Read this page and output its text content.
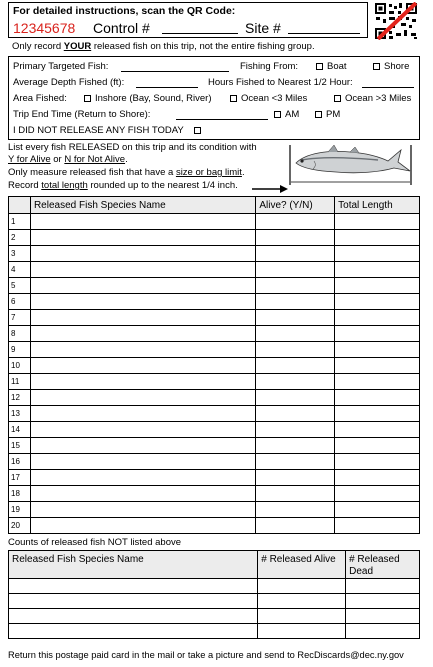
For detailed instructions, scan the QR Code:
12345678 Control #	Site #
Only record YOUR released fish on this trip, not the entire fishing group.
Primary Targeted Fish:	Fishing From:	Boat	Shore
Average Depth Fished (ft):	Hours Fished to Nearest 1/2 Hour:
Area Fished:	Inshore (Bay, Sound, River)	Ocean <3 Miles	Ocean >3 Miles
Trip End Time (Return to Shore):	AM	PM
I DID NOT RELEASE ANY FISH TODAY
List every fish RELEASED on this trip and its condition with
Y for Alive or N for Not Alive.
Only measure released fish that have a size or bag limit.
Record total length rounded up to the nearest 1/4 inch.
	Released Fish Species Name	Alive? (Y/N)	Total Length
1			
2			
3			
4			
5			
6			
7			
8			
9			
10			
11			
12			
13			
14			
15			
16			
17			
18			
19			
20			
Counts of released fish NOT listed above
Released Fish Species Name	# Released Alive	# Released Dead

Return this postage paid card in the mail or take a picture and send to RecDiscards@dec.ny.gov
